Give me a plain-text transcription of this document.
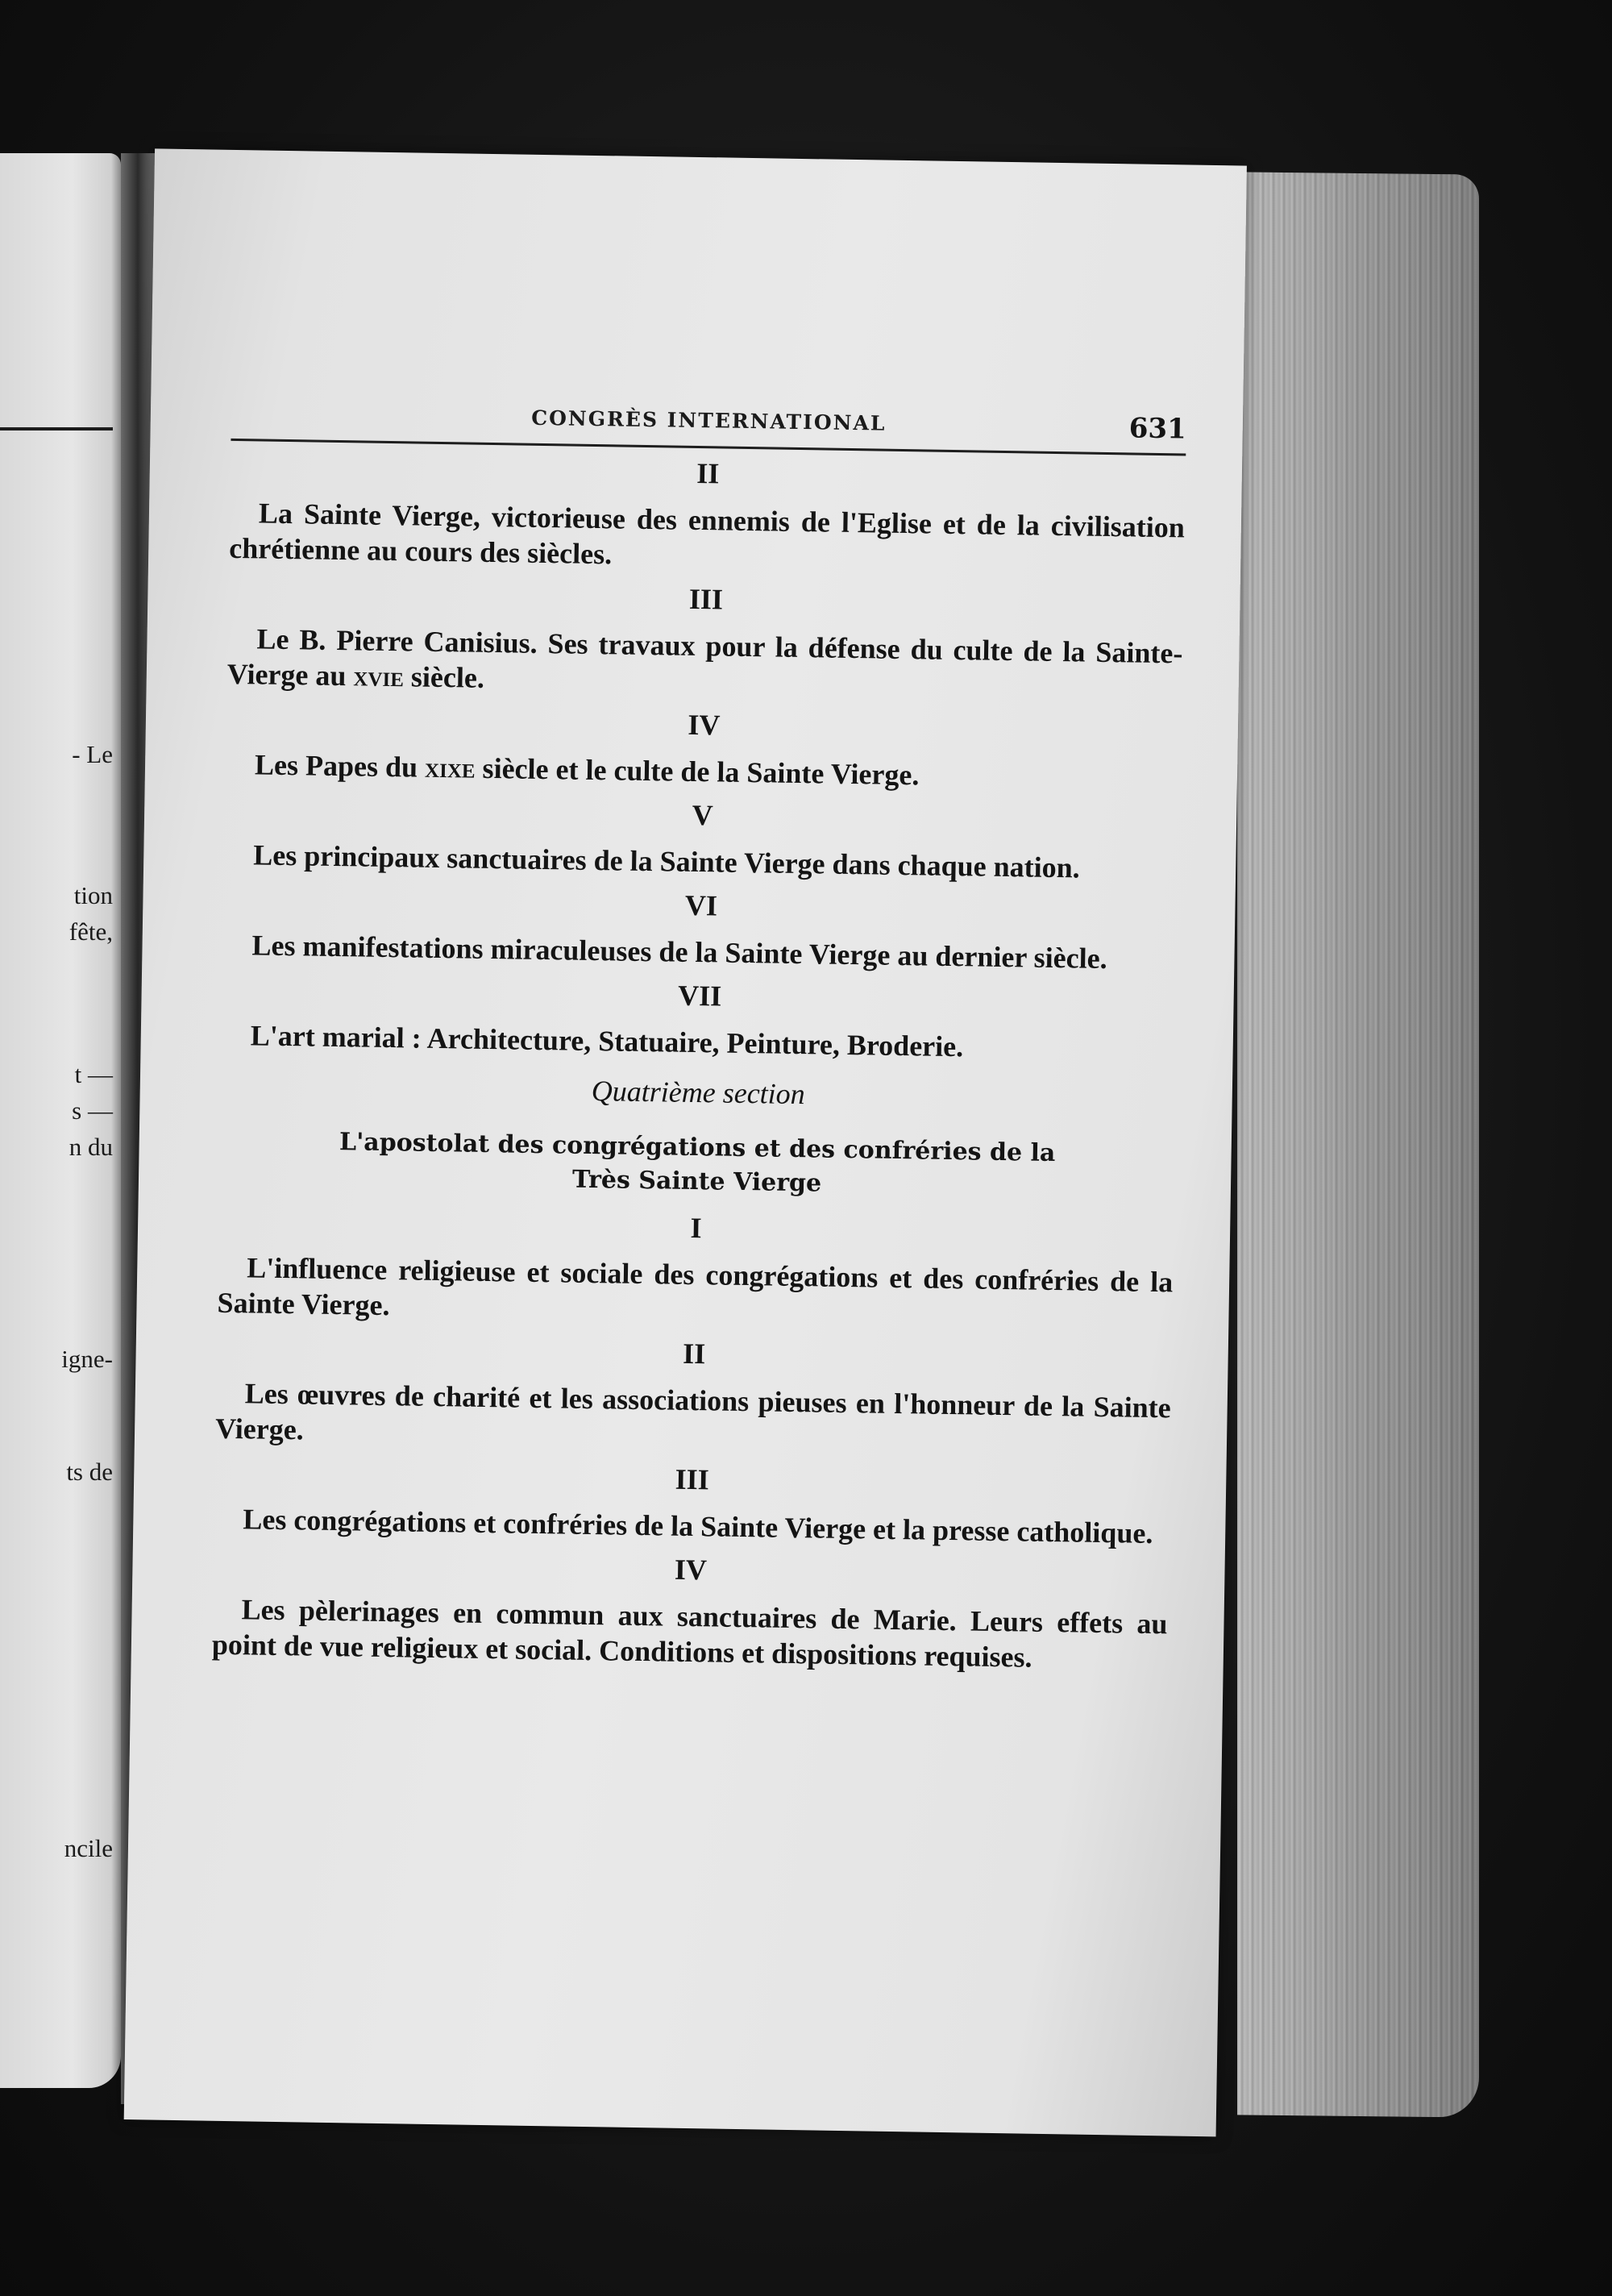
- Le
tion
fête,
t —
s —
n du
igne-
ts de
ncile
CONGRÈS INTERNATIONAL	631
II
La Sainte Vierge, victorieuse des ennemis de l'Eglise et de la civilisation chrétienne au cours des siècles.
III
Le B. Pierre Canisius. Ses travaux pour la défense du culte de la Sainte-Vierge au xvie siècle.
IV
Les Papes du xixe siècle et le culte de la Sainte Vierge.
V
Les principaux sanctuaires de la Sainte Vierge dans chaque nation.
VI
Les manifestations miraculeuses de la Sainte Vierge au dernier siècle.
VII
L'art marial : Architecture, Statuaire, Peinture, Broderie.
Quatrième section
L'apostolat des congrégations et des confréries de la
Très Sainte Vierge
I
L'influence religieuse et sociale des congrégations et des confréries de la Sainte Vierge.
II
Les œuvres de charité et les associations pieuses en l'honneur de la Sainte Vierge.
III
Les congrégations et confréries de la Sainte Vierge et la presse catholique.
IV
Les pèlerinages en commun aux sanctuaires de Marie. Leurs effets au point de vue religieux et social. Conditions et dispositions requises.
